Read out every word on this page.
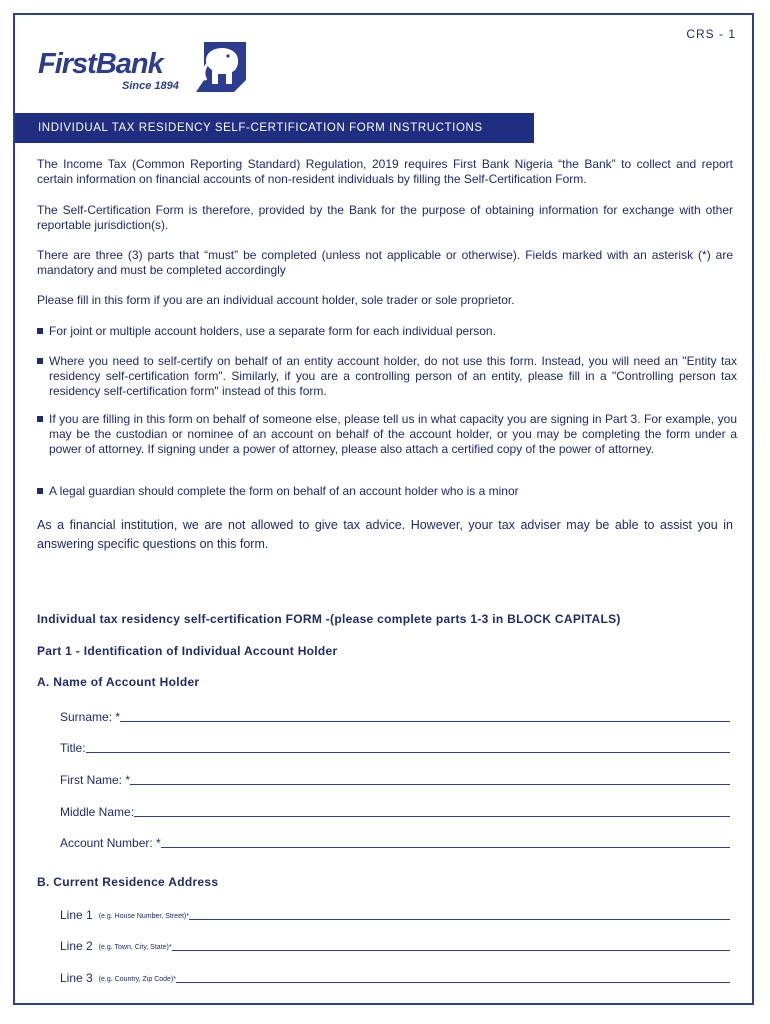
CRS - 1
FirstBank
Since 1894
INDIVIDUAL TAX RESIDENCY SELF-CERTIFICATION FORM INSTRUCTIONS
The Income Tax (Common Reporting Standard) Regulation, 2019 requires First Bank Nigeria “the Bank” to collect and report certain information on financial accounts of non-resident individuals by filling the Self-Certification Form.
The Self-Certification Form is therefore, provided by the Bank for the purpose of obtaining information for exchange with other reportable jurisdiction(s).
There are three (3) parts that “must” be completed (unless not applicable or otherwise). Fields marked with an asterisk (*) are mandatory and must be completed accordingly
Please fill in this form if you are an individual account holder, sole trader or sole proprietor.
For joint or multiple account holders, use a separate form for each individual person.
Where you need to self-certify on behalf of an entity account holder, do not use this form. Instead, you will need an "Entity tax residency self-certification form". Similarly, if you are a controlling person of an entity, please fill in a "Controlling person tax residency self-certification form" instead of this form.
If you are filling in this form on behalf of someone else, please tell us in what capacity you are signing in Part 3. For example, you may be the custodian or nominee of an account on behalf of the account holder, or you may be completing the form under a power of attorney. If signing under a power of attorney, please also attach a certified copy of the power of attorney.
A legal guardian should complete the form on behalf of an account holder who is a minor
As a financial institution, we are not allowed to give tax advice. However, your tax adviser may be able to assist you in answering specific questions on this form.
Individual tax residency self-certification FORM -(please complete parts 1-3 in BLOCK CAPITALS)
Part 1 - Identification of Individual Account Holder
A. Name of Account Holder
Surname: *
Title:
First Name: *
Middle Name:
Account Number: *
B. Current Residence Address
Line 1 (e.g. House Number, Street)*
Line 2 (e.g. Town, City, State)*
Line 3 (e.g. Country, Zip Code)*
